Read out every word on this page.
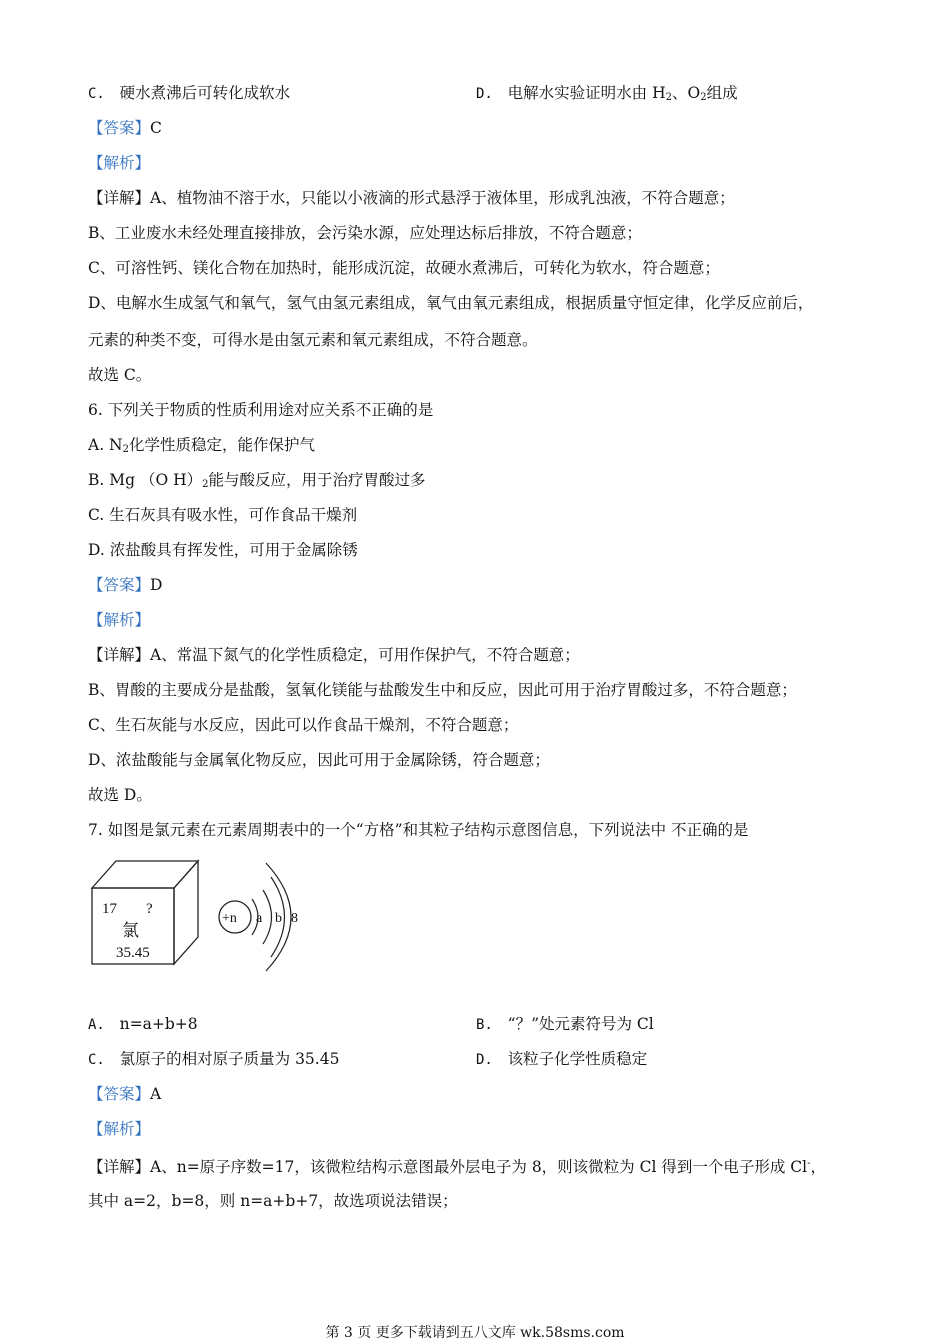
C. 硬水煮沸后可转化成软水	D. 电解水实验证明水由 $H_2$、$O_2$组成
【答案】C
【解析】
【详解】A、植物油不溶于水，只能以小液滴的形式悬浮于液体里，形成乳浊液，不符合题意；
B、工业废水未经处理直接排放，会污染水源，应处理达标后排放，不符合题意；
C、可溶性钙、镁化合物在加热时，能形成沉淀，故硬水煮沸后，可转化为软水，符合题意；
D、电解水生成氢气和氧气，氢气由氢元素组成，氧气由氧元素组成，根据质量守恒定律，化学反应前后，
元素的种类不变，可得水是由氢元素和氧元素组成，不符合题意。
故选 C。
6. 下列关于物质的性质利用途对应关系不正确的是
A. $N_2$化学性质稳定，能作保护气
B. Mg （O $H)_2$能与酸反应，用于治疗胃酸过多
C. 生石灰具有吸水性，可作食品干燥剂
D. 浓盐酸具有挥发性，可用于金属除锈
【答案】D
【解析】
【详解】A、常温下氮气的化学性质稳定，可用作保护气，不符合题意；
B、胃酸的主要成分是盐酸，氢氧化镁能与盐酸发生中和反应，因此可用于治疗胃酸过多，不符合题意；
C、生石灰能与水反应，因此可以作食品干燥剂，不符合题意；
D、浓盐酸能与金属氧化物反应，因此可用于金属除锈，符合题意；
故选 D。
7. 如图是氯元素在元素周期表中的一个“方格”和其粒子结构示意图信息，下列说法中 不正确的是
17 ?
氯
35.45
+n a b 8
A. n=a+b+8	B. “？”处元素符号为 Cl
C. 氯原子的相对原子质量为 35.45	D. 该粒子化学性质稳定
【答案】A
【解析】
【详解】A、n=原子序数=17，该微粒结构示意图最外层电子为 8，则该微粒为 Cl 得到一个电子形成 Cl-，
其中 a=2，b=8，则 n=a+b+7，故选项说法错误；
第 3 页 更多下载请到五八文库 wk.58sms.com
